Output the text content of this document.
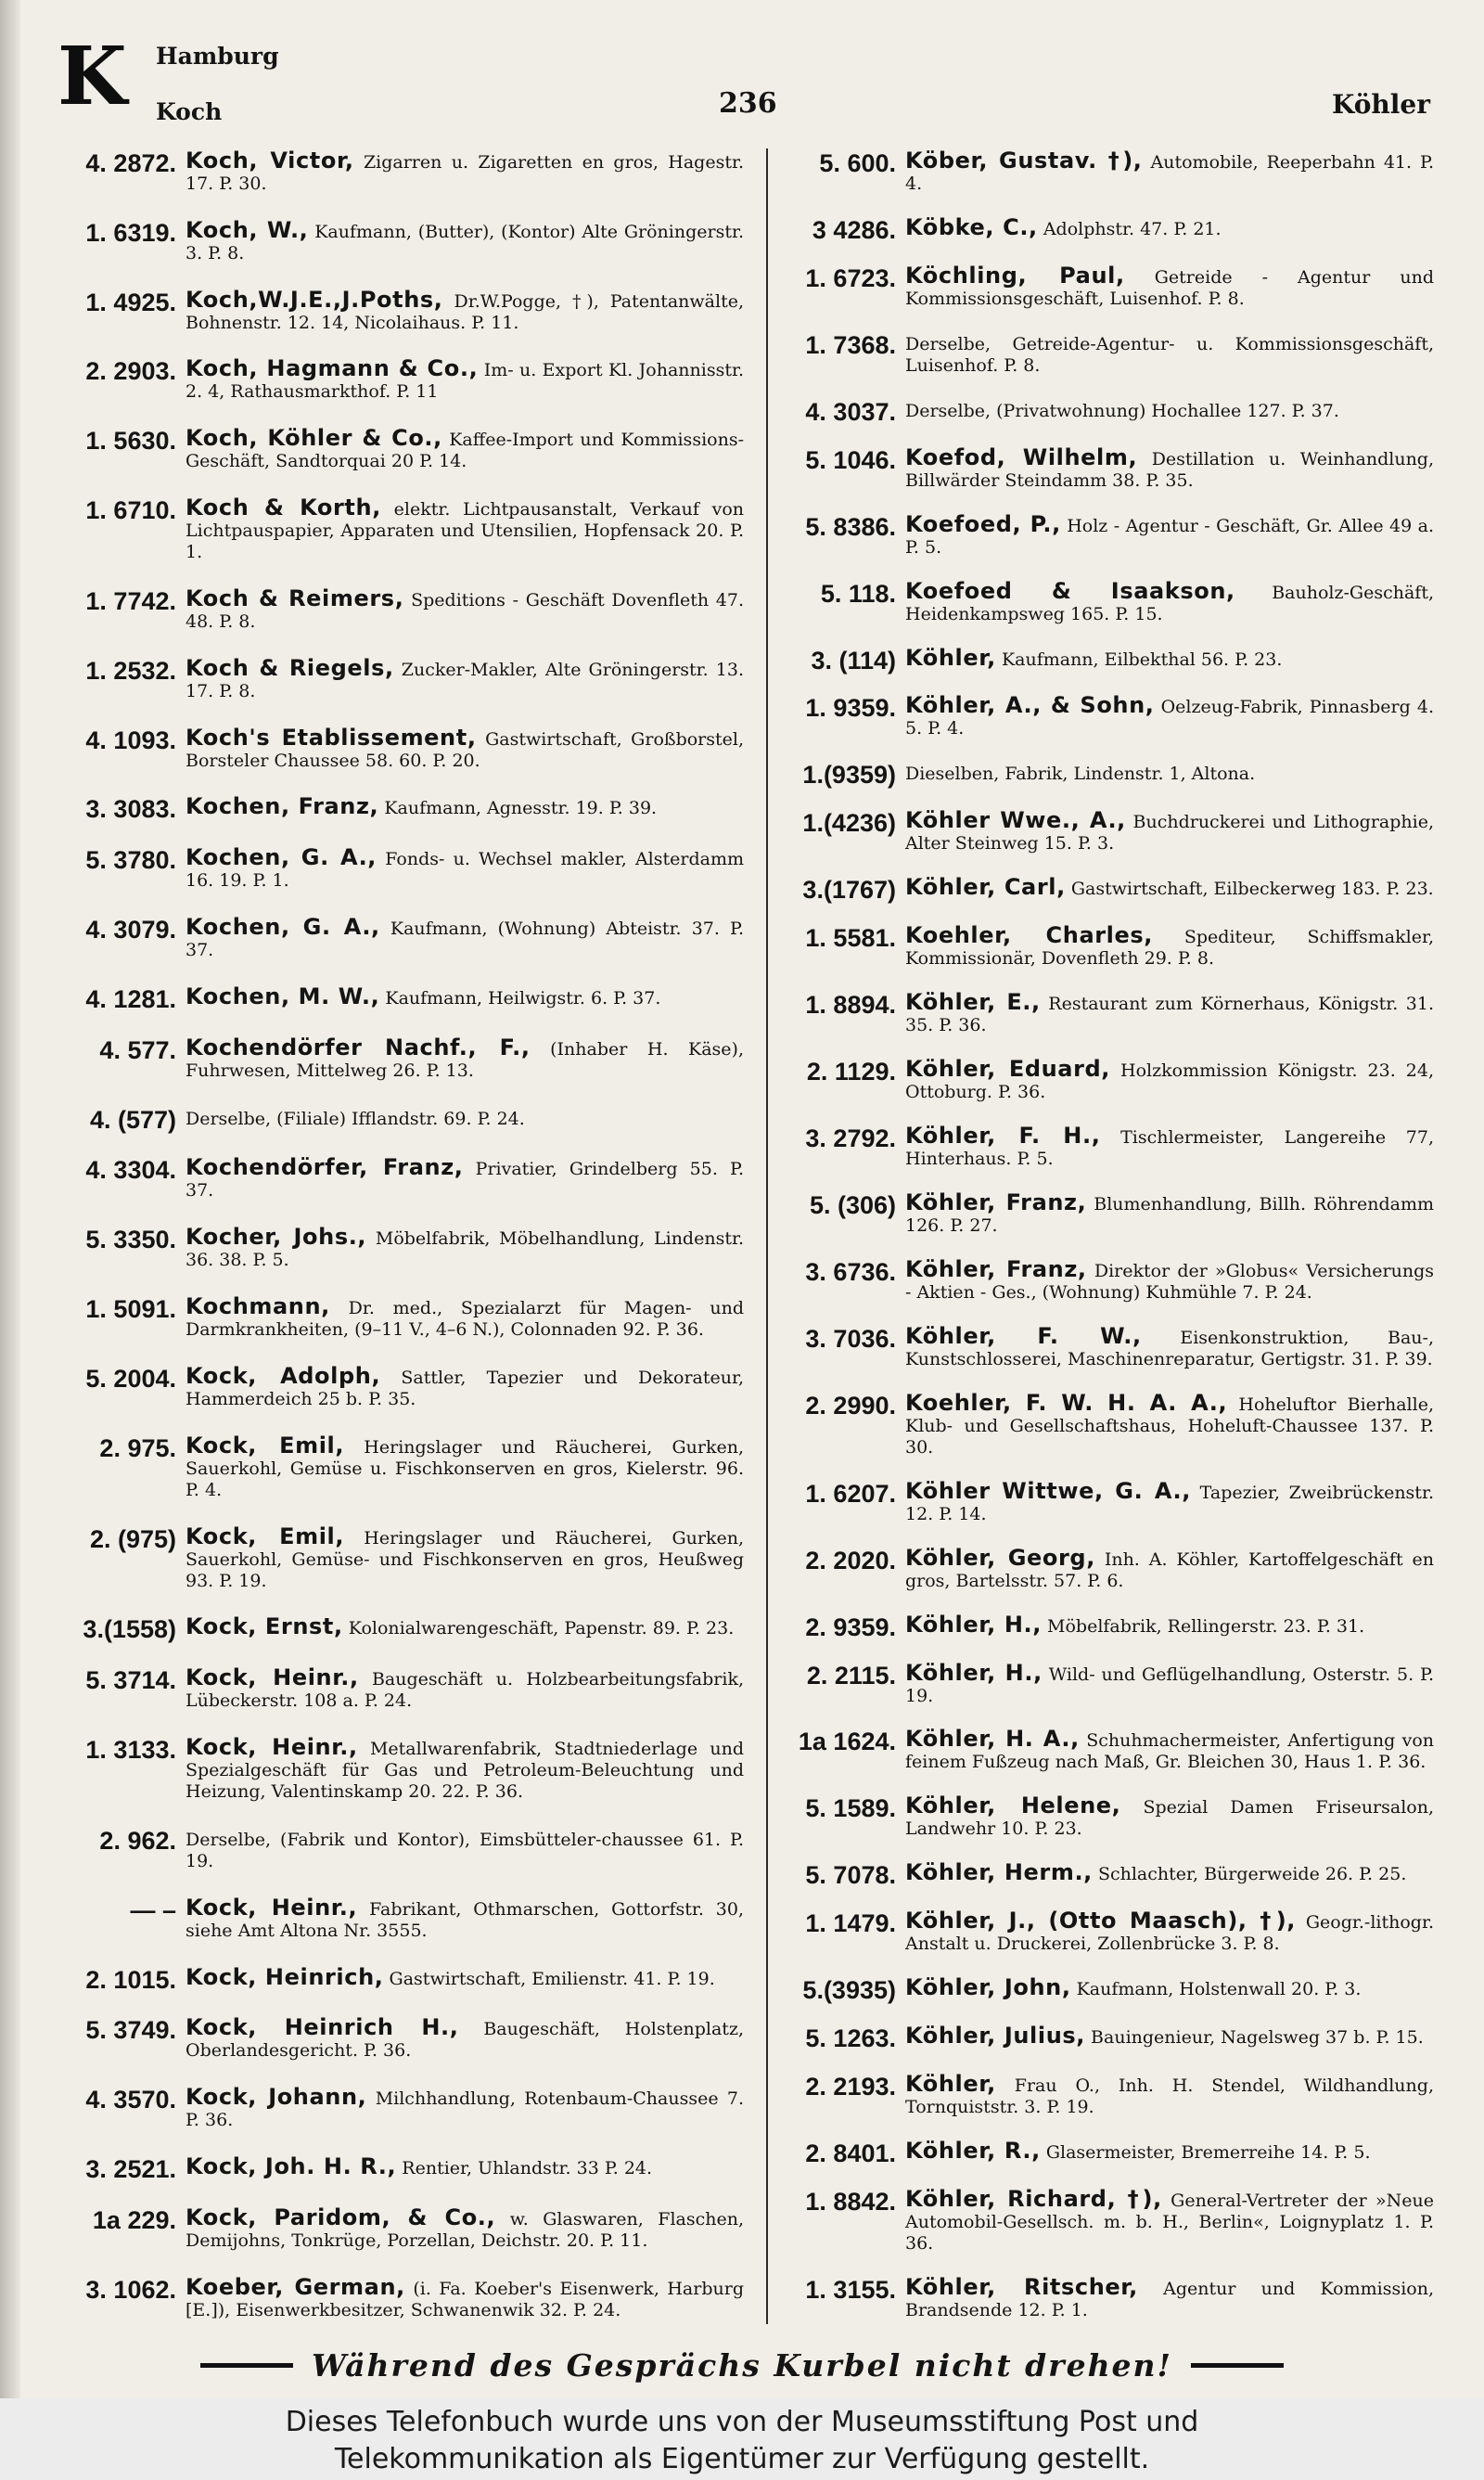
K Hamburg
Koch	236	Köhler
4. 2872. Koch, Victor, Zigarren u. Zigaretten en gros, Hagestr. 17. P. 30.
1. 6319. Koch, W., Kaufmann, (Butter), (Kontor) Alte Gröningerstr. 3. P. 8.
1. 4925. Koch,W.J.E.,J.Poths, Dr.W.Pogge, †), Patentanwälte, Bohnenstr. 12. 14, Nicolaihaus. P. 11.
2. 2903. Koch, Hagmann & Co., Im- u. Export Kl. Johannisstr. 2. 4, Rathausmarkthof. P. 11
1. 5630. Koch, Köhler & Co., Kaffee-Import und Kommissions-Geschäft, Sandtorquai 20 P. 14.
1. 6710. Koch & Korth, elektr. Lichtpausanstalt, Verkauf von Lichtpauspapier, Apparaten und Utensilien, Hopfensack 20. P. 1.
1. 7742. Koch & Reimers, Speditions - Geschäft Dovenfleth 47. 48. P. 8.
1. 2532. Koch & Riegels, Zucker-Makler, Alte Gröningerstr. 13. 17. P. 8.
4. 1093. Koch's Etablissement, Gastwirtschaft, Großborstel, Borsteler Chaussee 58. 60. P. 20.
3. 3083. Kochen, Franz, Kaufmann, Agnesstr. 19. P. 39.
5. 3780. Kochen, G. A., Fonds- u. Wechsel makler, Alsterdamm 16. 19. P. 1.
4. 3079. Kochen, G. A., Kaufmann, (Wohnung) Abteistr. 37. P. 37.
4. 1281. Kochen, M. W., Kaufmann, Heilwigstr. 6. P. 37.
4. 577. Kochendörfer Nachf., F., (Inhaber H. Käse), Fuhrwesen, Mittelweg 26. P. 13.
4. (577) Derselbe, (Filiale) Ifflandstr. 69. P. 24.
4. 3304. Kochendörfer, Franz, Privatier, Grindelberg 55. P. 37.
5. 3350. Kocher, Johs., Möbelfabrik, Möbelhandlung, Lindenstr. 36. 38. P. 5.
1. 5091. Kochmann, Dr. med., Spezialarzt für Magen- und Darmkrankheiten, (9–11 V., 4–6 N.), Colonnaden 92. P. 36.
5. 2004. Kock, Adolph, Sattler, Tapezier und Dekorateur, Hammerdeich 25 b. P. 35.
2. 975. Kock, Emil, Heringslager und Räucherei, Gurken, Sauerkohl, Gemüse u. Fischkonserven en gros, Kielerstr. 96. P. 4.
2. (975) Kock, Emil, Heringslager und Räucherei, Gurken, Sauerkohl, Gemüse- und Fischkonserven en gros, Heußweg 93. P. 19.
3.(1558) Kock, Ernst, Kolonialwarengeschäft, Papenstr. 89. P. 23.
5. 3714. Kock, Heinr., Baugeschäft u. Holzbearbeitungsfabrik, Lübeckerstr. 108 a. P. 24.
1. 3133. Kock, Heinr., Metallwarenfabrik, Stadtniederlage und Spezialgeschäft für Gas und Petroleum-Beleuchtung und Heizung, Valentinskamp 20. 22. P. 36.
2. 962. Derselbe, (Fabrik und Kontor), Eimsbütteler-chaussee 61. P. 19.
— – Kock, Heinr., Fabrikant, Othmarschen, Gottorfstr. 30, siehe Amt Altona Nr. 3555.
2. 1015. Kock, Heinrich, Gastwirtschaft, Emilienstr. 41. P. 19.
5. 3749. Kock, Heinrich H., Baugeschäft, Holstenplatz, Oberlandesgericht. P. 36.
4. 3570. Kock, Johann, Milchhandlung, Rotenbaum-Chaussee 7. P. 36.
3. 2521. Kock, Joh. H. R., Rentier, Uhlandstr. 33 P. 24.
1a 229. Kock, Paridom, & Co., w. Glaswaren, Flaschen, Demijohns, Tonkrüge, Porzellan, Deichstr. 20. P. 11.
3. 1062. Koeber, German, (i. Fa. Koeber's Eisenwerk, Harburg [E.]), Eisenwerkbesitzer, Schwanenwik 32. P. 24.
5. 600. Köber, Gustav. †), Automobile, Reeperbahn 41. P. 4.
3 4286. Köbke, C., Adolphstr. 47. P. 21.
1. 6723. Köchling, Paul, Getreide - Agentur und Kommissionsgeschäft, Luisenhof. P. 8.
1. 7368. Derselbe, Getreide-Agentur- u. Kommissionsgeschäft, Luisenhof. P. 8.
4. 3037. Derselbe, (Privatwohnung) Hochallee 127. P. 37.
5. 1046. Koefod, Wilhelm, Destillation u. Weinhandlung, Billwärder Steindamm 38. P. 35.
5. 8386. Koefoed, P., Holz - Agentur - Geschäft, Gr. Allee 49 a. P. 5.
5. 118. Koefoed & Isaakson, Bauholz-Geschäft, Heidenkampsweg 165. P. 15.
3. (114) Köhler, Kaufmann, Eilbekthal 56. P. 23.
1. 9359. Köhler, A., & Sohn, Oelzeug-Fabrik, Pinnasberg 4. 5. P. 4.
1.(9359) Dieselben, Fabrik, Lindenstr. 1, Altona.
1.(4236) Köhler Wwe., A., Buchdruckerei und Lithographie, Alter Steinweg 15. P. 3.
3.(1767) Köhler, Carl, Gastwirtschaft, Eilbeckerweg 183. P. 23.
1. 5581. Koehler, Charles, Spediteur, Schiffsmakler, Kommissionär, Dovenfleth 29. P. 8.
1. 8894. Köhler, E., Restaurant zum Körnerhaus, Königstr. 31. 35. P. 36.
2. 1129. Köhler, Eduard, Holzkommission Königstr. 23. 24, Ottoburg. P. 36.
3. 2792. Köhler, F. H., Tischlermeister, Langereihe 77, Hinterhaus. P. 5.
5. (306) Köhler, Franz, Blumenhandlung, Billh. Röhrendamm 126. P. 27.
3. 6736. Köhler, Franz, Direktor der »Globus« Versicherungs - Aktien - Ges., (Wohnung) Kuhmühle 7. P. 24.
3. 7036. Köhler, F. W., Eisenkonstruktion, Bau-, Kunstschlosserei, Maschinenreparatur, Gertigstr. 31. P. 39.
2. 2990. Koehler, F. W. H. A. A., Hoheluftor Bierhalle, Klub- und Gesellschaftshaus, Hoheluft-Chaussee 137. P. 30.
1. 6207. Köhler Wittwe, G. A., Tapezier, Zweibrückenstr. 12. P. 14.
2. 2020. Köhler, Georg, Inh. A. Köhler, Kartoffelgeschäft en gros, Bartelsstr. 57. P. 6.
2. 9359. Köhler, H., Möbelfabrik, Rellingerstr. 23. P. 31.
2. 2115. Köhler, H., Wild- und Geflügelhandlung, Osterstr. 5. P. 19.
1a 1624. Köhler, H. A., Schuhmachermeister, Anfertigung von feinem Fußzeug nach Maß, Gr. Bleichen 30, Haus 1. P. 36.
5. 1589. Köhler, Helene, Spezial Damen Friseursalon, Landwehr 10. P. 23.
5. 7078. Köhler, Herm., Schlachter, Bürgerweide 26. P. 25.
1. 1479. Köhler, J., (Otto Maasch), †), Geogr.-lithogr. Anstalt u. Druckerei, Zollenbrücke 3. P. 8.
5.(3935) Köhler, John, Kaufmann, Holstenwall 20. P. 3.
5. 1263. Köhler, Julius, Bauingenieur, Nagelsweg 37 b. P. 15.
2. 2193. Köhler, Frau O., Inh. H. Stendel, Wildhandlung, Tornquiststr. 3. P. 19.
2. 8401. Köhler, R., Glasermeister, Bremerreihe 14. P. 5.
1. 8842. Köhler, Richard, †), General-Vertreter der »Neue Automobil-Gesellsch. m. b. H., Berlin«, Loignyplatz 1. P. 36.
1. 3155. Köhler, Ritscher, Agentur und Kommission, Brandsende 12. P. 1.
Während des Gesprächs Kurbel nicht drehen!
Dieses Telefonbuch wurde uns von der Museumsstiftung Post und
Telekommunikation als Eigentümer zur Verfügung gestellt.
